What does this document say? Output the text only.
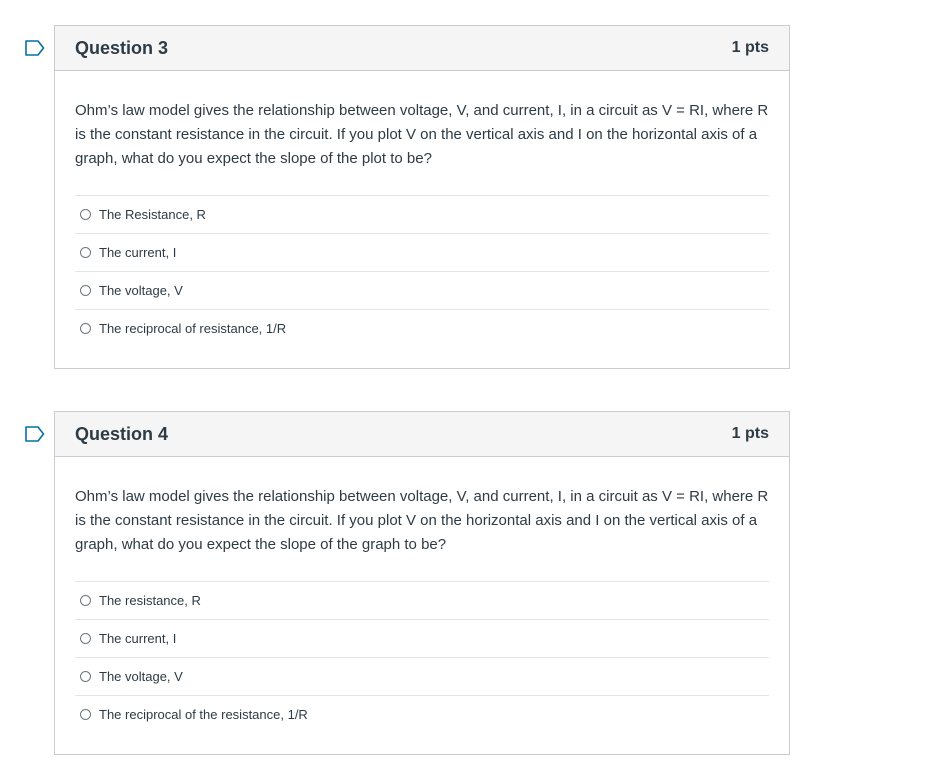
Question 3	1 pts

Ohm’s law model gives the relationship between voltage, V, and current, I, in a circuit as V = RI, where R is the constant resistance in the circuit. If you plot V on the vertical axis and I on the horizontal axis of a graph, what do you expect the slope of the plot to be?

The Resistance, R
The current, I
The voltage, V
The reciprocal of resistance, 1/R
Question 4	1 pts

Ohm’s law model gives the relationship between voltage, V, and current, I, in a circuit as V = RI, where R is the constant resistance in the circuit. If you plot V on the horizontal axis and I on the vertical axis of a graph, what do you expect the slope of the graph to be?

The resistance, R
The current, I
The voltage, V
The reciprocal of the resistance, 1/R
